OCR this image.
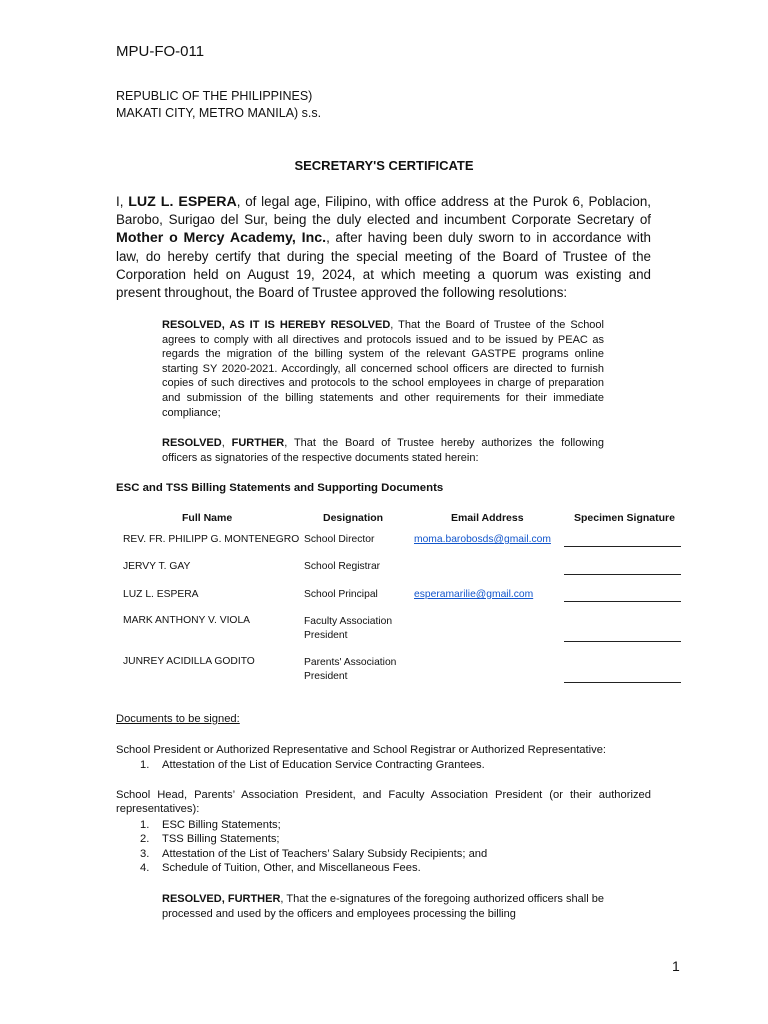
MPU-FO-011
REPUBLIC OF THE PHILIPPINES)
MAKATI CITY, METRO MANILA) s.s.
SECRETARY'S CERTIFICATE
I, LUZ L. ESPERA, of legal age, Filipino, with office address at the Purok 6, Poblacion, Barobo, Surigao del Sur, being the duly elected and incumbent Corporate Secretary of Mother o Mercy Academy, Inc., after having been duly sworn to in accordance with law, do hereby certify that during the special meeting of the Board of Trustee of the Corporation held on August 19, 2024, at which meeting a quorum was existing and present throughout, the Board of Trustee approved the following resolutions:
RESOLVED, AS IT IS HEREBY RESOLVED, That the Board of Trustee of the School agrees to comply with all directives and protocols issued and to be issued by PEAC as regards the migration of the billing system of the relevant GASTPE programs online starting SY 2020-2021. Accordingly, all concerned school officers are directed to furnish copies of such directives and protocols to the school employees in charge of preparation and submission of the billing statements and other requirements for their immediate compliance;
RESOLVED, FURTHER, That the Board of Trustee hereby authorizes the following officers as signatories of the respective documents stated herein:
ESC and TSS Billing Statements and Supporting Documents
Full Name	Designation	Email Address	Specimen Signature
REV. FR. PHILIPP G. MONTENEGRO School Director	moma.barobosds@gmail.com
JERVY T. GAY	School Registrar
LUZ L. ESPERA	School Principal	esperamarilie@gmail.com
MARK ANTHONY V. VIOLA	Faculty Association President
JUNREY ACIDILLA GODITO	Parents' Association President
Documents to be signed:
School President or Authorized Representative and School Registrar or Authorized Representative:
1. Attestation of the List of Education Service Contracting Grantees.
School Head, Parents’ Association President, and Faculty Association President (or their authorized representatives):
1. ESC Billing Statements;
2. TSS Billing Statements;
3. Attestation of the List of Teachers’ Salary Subsidy Recipients; and
4. Schedule of Tuition, Other, and Miscellaneous Fees.
RESOLVED, FURTHER, That the e-signatures of the foregoing authorized officers shall be processed and used by the officers and employees processing the billing
1
